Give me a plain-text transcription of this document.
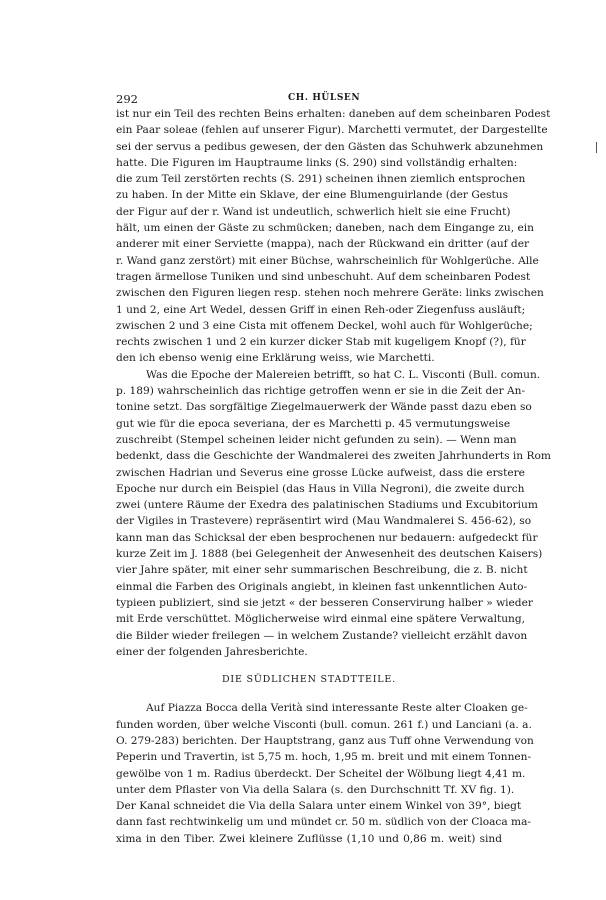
292	CH. HÜLSEN
ist nur ein Teil des rechten Beins erhalten: daneben auf dem scheinbaren Podest
ein Paar soleae (fehlen auf unserer Figur). Marchetti vermutet, der Dargestellte
sei der servus a pedibus gewesen, der den Gästen das Schuhwerk abzunehmen
hatte. Die Figuren im Hauptraume links (S. 290) sind vollständig erhalten:
die zum Teil zerstörten rechts (S. 291) scheinen ihnen ziemlich entsprochen
zu haben. In der Mitte ein Sklave, der eine Blumenguirlande (der Gestus
der Figur auf der r. Wand ist undeutlich, schwerlich hielt sie eine Frucht)
hält, um einen der Gäste zu schmücken; daneben, nach dem Eingange zu, ein
anderer mit einer Serviette (mappa), nach der Rückwand ein dritter (auf der
r. Wand ganz zerstört) mit einer Büchse, wahrscheinlich für Wohlgerüche. Alle
tragen ärmellose Tuniken und sind unbeschuht. Auf dem scheinbaren Podest
zwischen den Figuren liegen resp. stehen noch mehrere Geräte: links zwischen
1 und 2, eine Art Wedel, dessen Griff in einen Reh-oder Ziegenfuss ausläuft;
zwischen 2 und 3 eine Cista mit offenem Deckel, wohl auch für Wohlgerüche;
rechts zwischen 1 und 2 ein kurzer dicker Stab mit kugeligem Knopf (?), für
den ich ebenso wenig eine Erklärung weiss, wie Marchetti.
Was die Epoche der Malereien betrifft, so hat C. L. Visconti (Bull. comun.
p. 189) wahrscheinlich das richtige getroffen wenn er sie in die Zeit der An-
tonine setzt. Das sorgfältige Ziegelmauerwerk der Wände passt dazu eben so
gut wie für die epoca severiana, der es Marchetti p. 45 vermutungsweise
zuschreibt (Stempel scheinen leider nicht gefunden zu sein). — Wenn man
bedenkt, dass die Geschichte der Wandmalerei des zweiten Jahrhunderts in Rom
zwischen Hadrian und Severus eine grosse Lücke aufweist, dass die erstere
Epoche nur durch ein Beispiel (das Haus in Villa Negroni), die zweite durch
zwei (untere Räume der Exedra des palatinischen Stadiums und Excubitorium
der Vigiles in Trastevere) repräsentirt wird (Mau Wandmalerei S. 456-62), so
kann man das Schicksal der eben besprochenen nur bedauern: aufgedeckt für
kurze Zeit im J. 1888 (bei Gelegenheit der Anwesenheit des deutschen Kaisers)
vier Jahre später, mit einer sehr summarischen Beschreibung, die z. B. nicht
einmal die Farben des Originals angiebt, in kleinen fast unkenntlichen Auto-
typieen publiziert, sind sie jetzt « der besseren Conservirung halber » wieder
mit Erde verschüttet. Möglicherweise wird einmal eine spätere Verwaltung,
die Bilder wieder freilegen — in welchem Zustande? vielleicht erzählt davon
einer der folgenden Jahresberichte.
DIE SÜDLICHEN STADTTEILE.
Auf Piazza Bocca della Verità sind interessante Reste alter Cloaken ge-
funden worden, über welche Visconti (bull. comun. 261 f.) und Lanciani (a. a.
O. 279-283) berichten. Der Hauptstrang, ganz aus Tuff ohne Verwendung von
Peperin und Travertin, ist 5,75 m. hoch, 1,95 m. breit und mit einem Tonnen-
gewölbe von 1 m. Radius überdeckt. Der Scheitel der Wölbung liegt 4,41 m.
unter dem Pflaster von Via della Salara (s. den Durchschnitt Tf. XV fig. 1).
Der Kanal schneidet die Via della Salara unter einem Winkel von 39°, biegt
dann fast rechtwinkelig um und mündet cr. 50 m. südlich von der Cloaca ma-
xima in den Tiber. Zwei kleinere Zuflüsse (1,10 und 0,86 m. weit) sind
